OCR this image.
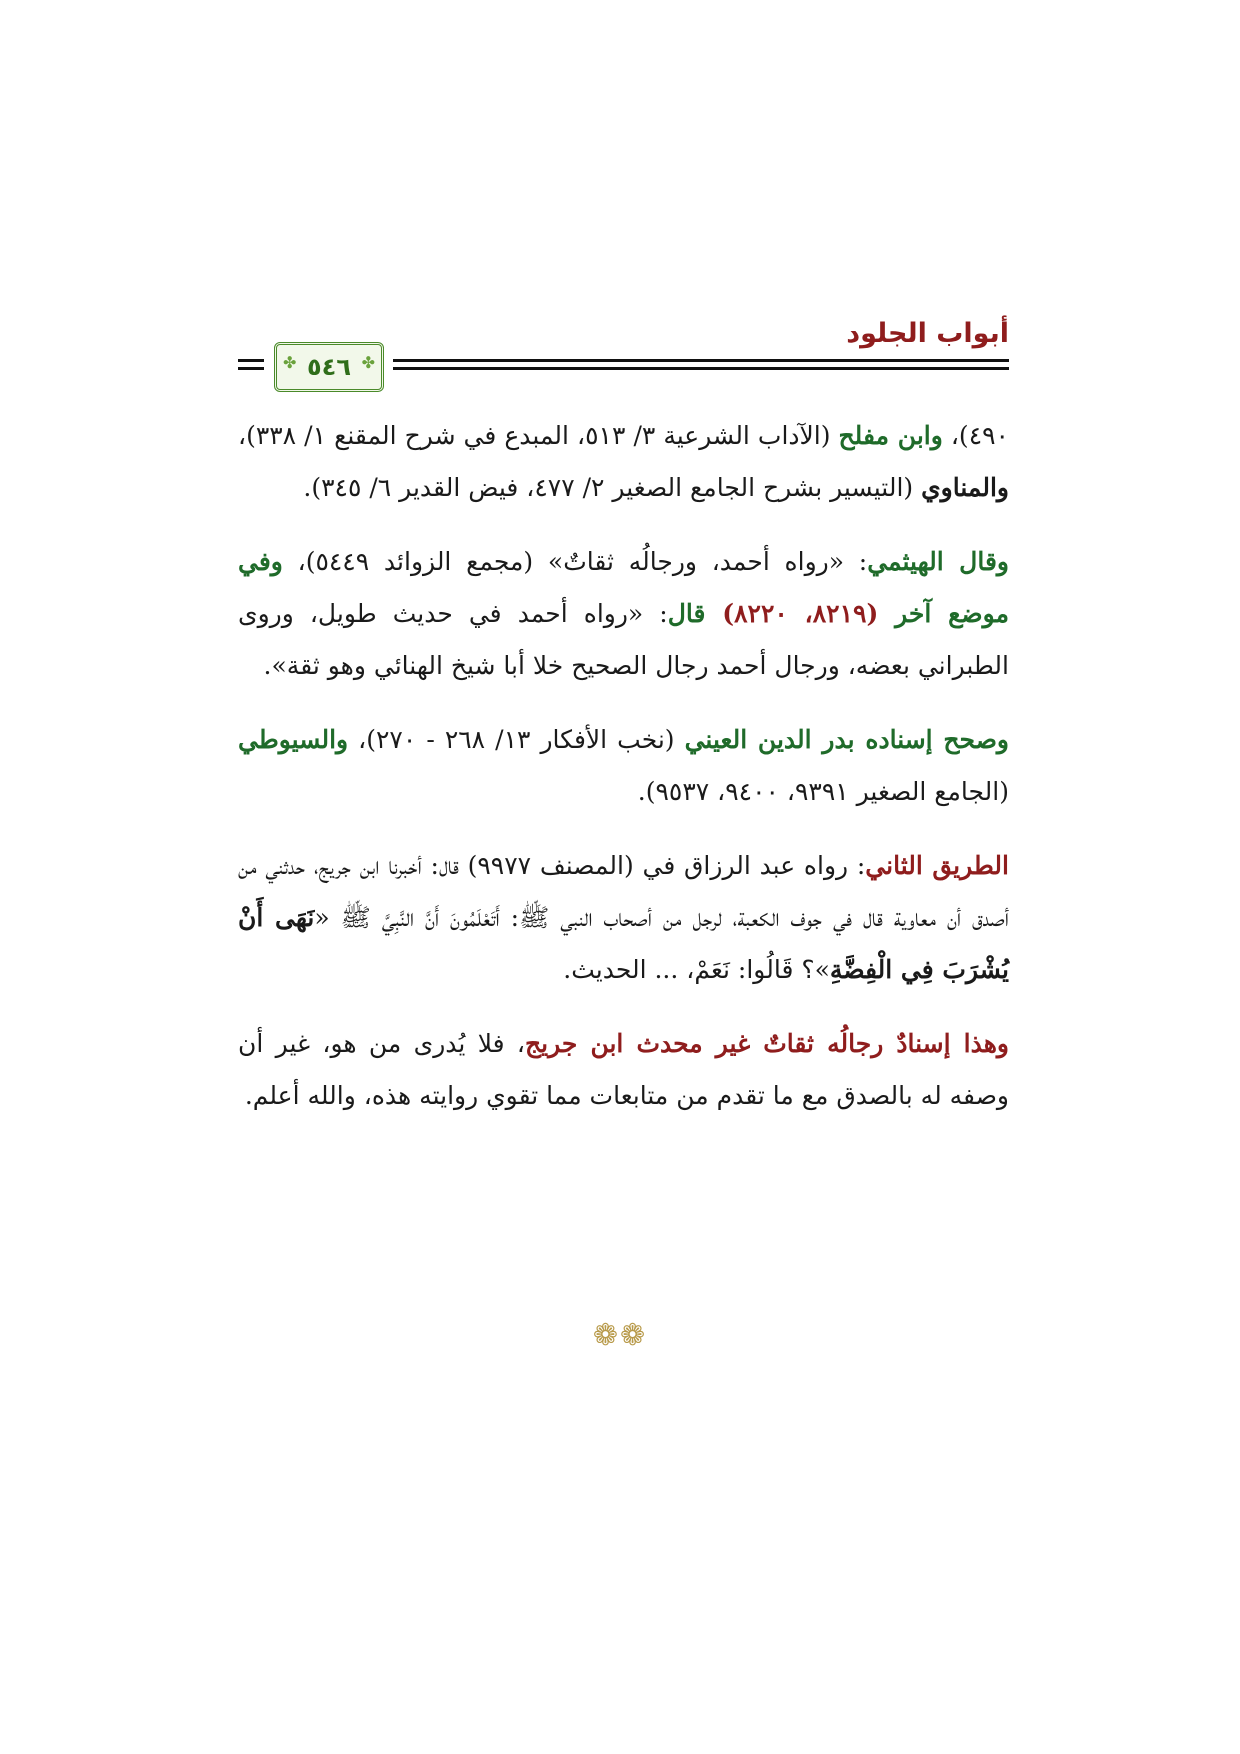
أبواب الجلود
✤ ٥٤٦ ✤

٤٩٠)، وابن مفلح (الآداب الشرعية ٣/ ٥١٣، المبدع في شرح المقنع ١/ ٣٣٨)، والمناوي (التيسير بشرح الجامع الصغير ٢/ ٤٧٧، فيض القدير ٦/ ٣٤٥).

وقال الهيثمي: «رواه أحمد، ورجالُه ثقاتٌ» (مجمع الزوائد ٥٤٤٩)، وفي موضع آخر (٨٢١٩، ٨٢٢٠) قال: «رواه أحمد في حديث طويل، وروى الطبراني بعضه، ورجال أحمد رجال الصحيح خلا أبا شيخ الهنائي وهو ثقة».

وصحح إسناده بدر الدين العيني (نخب الأفكار ١٣/ ٢٦٨ - ٢٧٠)، والسيوطي (الجامع الصغير ٩٣٩١، ٩٤٠٠، ٩٥٣٧).

الطريق الثاني: رواه عبد الرزاق في (المصنف ٩٩٧٧) قال: أخبرنا ابن جريج، حدثني من أصدق أن معاوية قال في جوف الكعبة، لرجل من أصحاب النبي ﷺ: أَتَعْلَمُونَ أَنَّ النَّبِيَّ ﷺ «نَهَى أَنْ يُشْرَبَ فِي الْفِضَّةِ»؟ قَالُوا: نَعَمْ، ... الحديث.

وهذا إسنادٌ رجالُه ثقاتٌ غير محدث ابن جريج، فلا يُدرى من هو، غير أن وصفه له بالصدق مع ما تقدم من متابعات مما تقوي روايته هذه، والله أعلم.

❁❁
